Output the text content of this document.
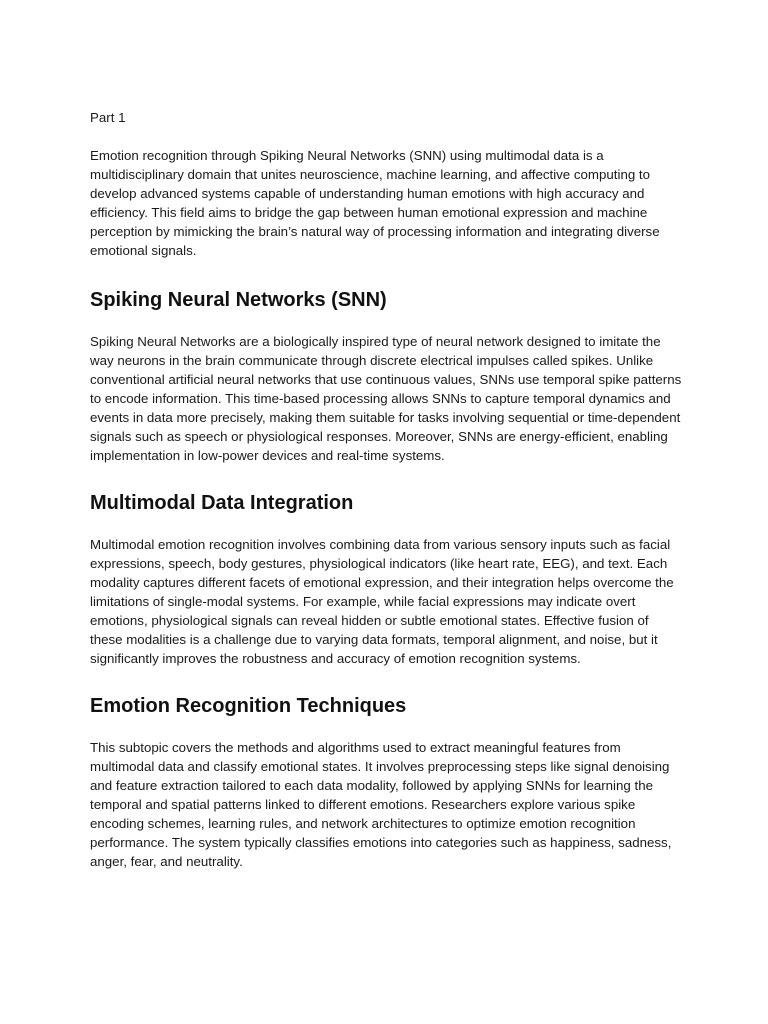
Part 1

Emotion recognition through Spiking Neural Networks (SNN) using multimodal data is a multidisciplinary domain that unites neuroscience, machine learning, and affective computing to develop advanced systems capable of understanding human emotions with high accuracy and efficiency. This field aims to bridge the gap between human emotional expression and machine perception by mimicking the brain’s natural way of processing information and integrating diverse emotional signals.

Spiking Neural Networks (SNN)

Spiking Neural Networks are a biologically inspired type of neural network designed to imitate the way neurons in the brain communicate through discrete electrical impulses called spikes. Unlike conventional artificial neural networks that use continuous values, SNNs use temporal spike patterns to encode information. This time-based processing allows SNNs to capture temporal dynamics and events in data more precisely, making them suitable for tasks involving sequential or time-dependent signals such as speech or physiological responses. Moreover, SNNs are energy-efficient, enabling implementation in low-power devices and real-time systems.

Multimodal Data Integration

Multimodal emotion recognition involves combining data from various sensory inputs such as facial expressions, speech, body gestures, physiological indicators (like heart rate, EEG), and text. Each modality captures different facets of emotional expression, and their integration helps overcome the limitations of single-modal systems. For example, while facial expressions may indicate overt emotions, physiological signals can reveal hidden or subtle emotional states. Effective fusion of these modalities is a challenge due to varying data formats, temporal alignment, and noise, but it significantly improves the robustness and accuracy of emotion recognition systems.

Emotion Recognition Techniques

This subtopic covers the methods and algorithms used to extract meaningful features from multimodal data and classify emotional states. It involves preprocessing steps like signal denoising and feature extraction tailored to each data modality, followed by applying SNNs for learning the temporal and spatial patterns linked to different emotions. Researchers explore various spike encoding schemes, learning rules, and network architectures to optimize emotion recognition performance. The system typically classifies emotions into categories such as happiness, sadness, anger, fear, and neutrality.
